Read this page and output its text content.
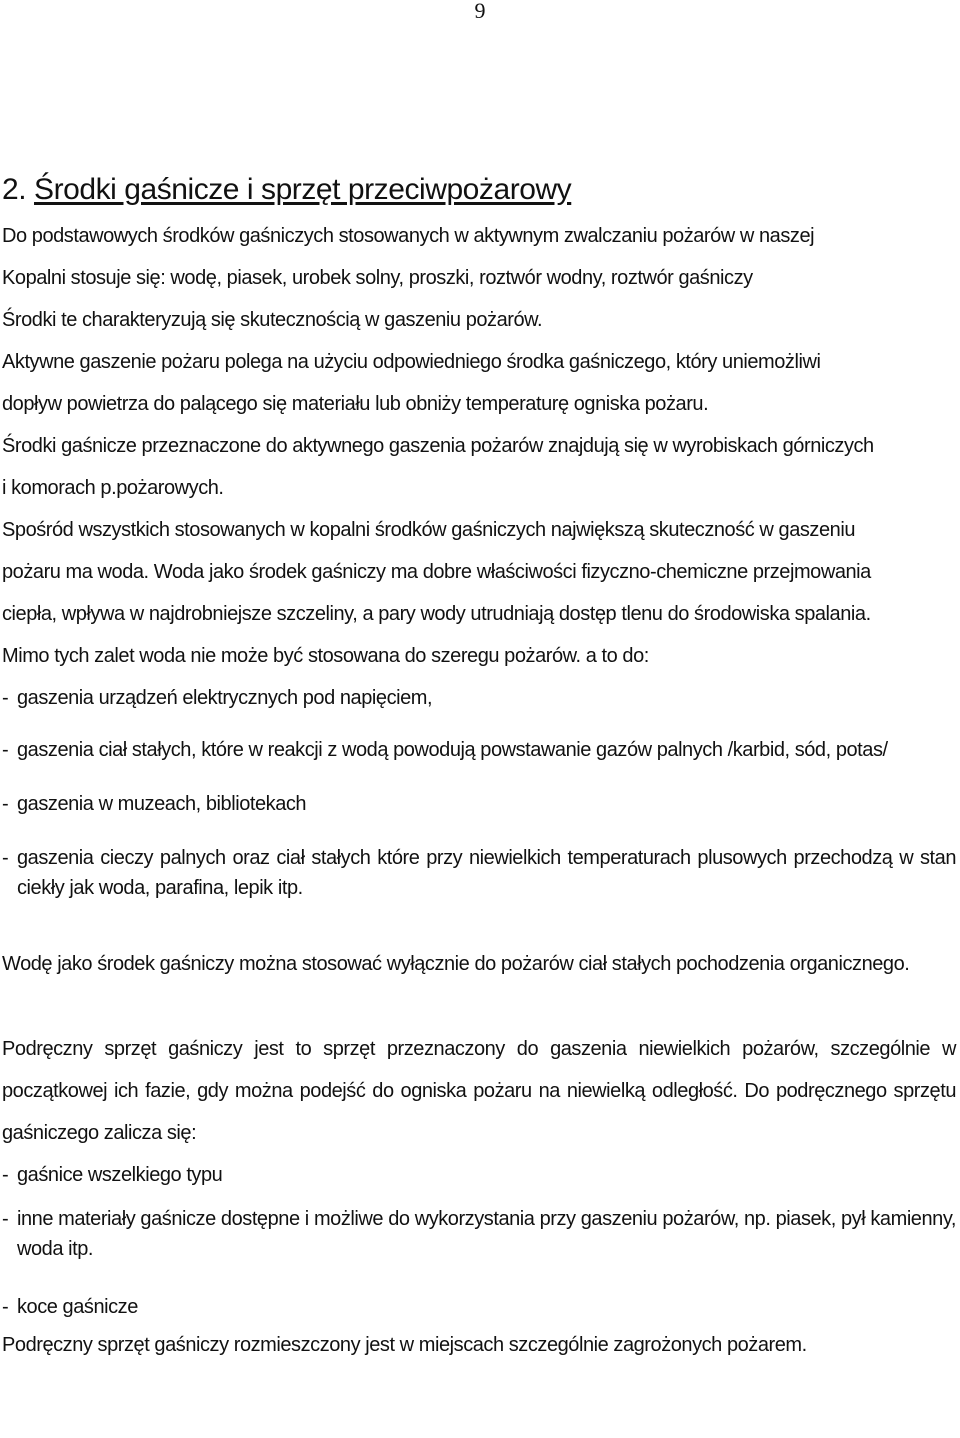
9
2. Środki gaśnicze i sprzęt przeciwpożarowy

Do podstawowych środków gaśniczych stosowanych w aktywnym zwalczaniu pożarów w naszej

Kopalni stosuje się: wodę, piasek, urobek solny, proszki, roztwór wodny, roztwór gaśniczy

Środki te charakteryzują się skutecznością w gaszeniu pożarów.

Aktywne gaszenie pożaru polega na użyciu odpowiedniego środka gaśniczego, który uniemożliwi

dopływ powietrza do palącego się materiału lub obniży temperaturę ogniska pożaru.

Środki gaśnicze przeznaczone do aktywnego gaszenia pożarów znajdują się w wyrobiskach górniczych

i komorach p.pożarowych.

Spośród wszystkich stosowanych w kopalni środków gaśniczych największą skuteczność w gaszeniu

pożaru ma woda. Woda jako środek gaśniczy ma dobre właściwości fizyczno-chemiczne przejmowania

ciepła, wpływa w najdrobniejsze szczeliny, a pary wody utrudniają dostęp tlenu do środowiska spalania.

Mimo tych zalet woda nie może być stosowana do szeregu pożarów. a to do:

- gaszenia urządzeń elektrycznych pod napięciem,
- gaszenia ciał stałych, które w reakcji z wodą powodują powstawanie gazów palnych /karbid, sód, potas/
- gaszenia w muzeach, bibliotekach
- gaszenia cieczy palnych oraz ciał stałych które przy niewielkich temperaturach plusowych przechodzą w stan ciekły jak woda, parafina, lepik itp.

Wodę jako środek gaśniczy można stosować wyłącznie do pożarów ciał stałych pochodzenia organicznego.

Podręczny sprzęt gaśniczy jest to sprzęt przeznaczony do gaszenia niewielkich pożarów, szczególnie w początkowej ich fazie, gdy można podejść do ogniska pożaru na niewielką odległość. Do podręcznego sprzętu gaśniczego zalicza się:

- gaśnice wszelkiego typu
- inne materiały gaśnicze dostępne i możliwe do wykorzystania przy gaszeniu pożarów, np. piasek, pył kamienny, woda itp.
- koce gaśnicze

Podręczny sprzęt gaśniczy rozmieszczony jest w miejscach szczególnie zagrożonych pożarem.
